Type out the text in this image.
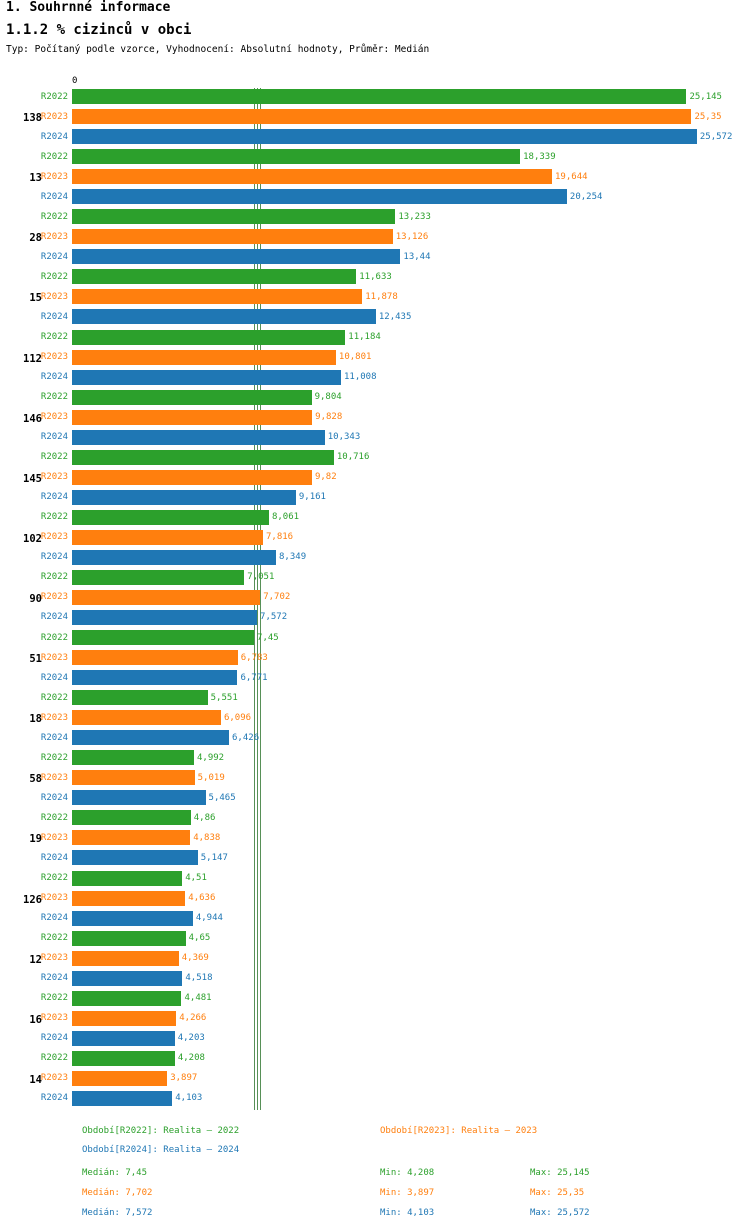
1. Souhrnné informace
1.1.2 % cizinců v obci
Typ: Počítaný podle vzorce, Vyhodnocení: Absolutní hodnoty, Průměr: Medián
0
138
R2022	25,145
R2023	25,35
R2024	25,572
13
R2022	18,339
R2023	19,644
R2024	20,254
28
R2022	13,233
R2023	13,126
R2024	13,44
15
R2022	11,633
R2023	11,878
R2024	12,435
112
R2022	11,184
R2023	10,801
R2024	11,008
146
R2022	9,804
R2023	9,828
R2024	10,343
145
R2022	10,716
R2023	9,82
R2024	9,161
102
R2022	8,061
R2023	7,816
R2024	8,349
90
R2022	7,051
R2023	7,702
R2024	7,572
51
R2022	7,45
R2023	6,783
R2024	6,771
18
R2022	5,551
R2023	6,096
R2024	6,426
58
R2022	4,992
R2023	5,019
R2024	5,465
19
R2022	4,86
R2023	4,838
R2024	5,147
126
R2022	4,51
R2023	4,636
R2024	4,944
12
R2022	4,65
R2023	4,369
R2024	4,518
16
R2022	4,481
R2023	4,266
R2024	4,203
14
R2022	4,208
R2023	3,897
R2024	4,103
Období[R2022]: Realita – 2022	Období[R2023]: Realita – 2023
Období[R2024]: Realita – 2024
Medián: 7,45	Min: 4,208	Max: 25,145
Medián: 7,702	Min: 3,897	Max: 25,35
Medián: 7,572	Min: 4,103	Max: 25,572
